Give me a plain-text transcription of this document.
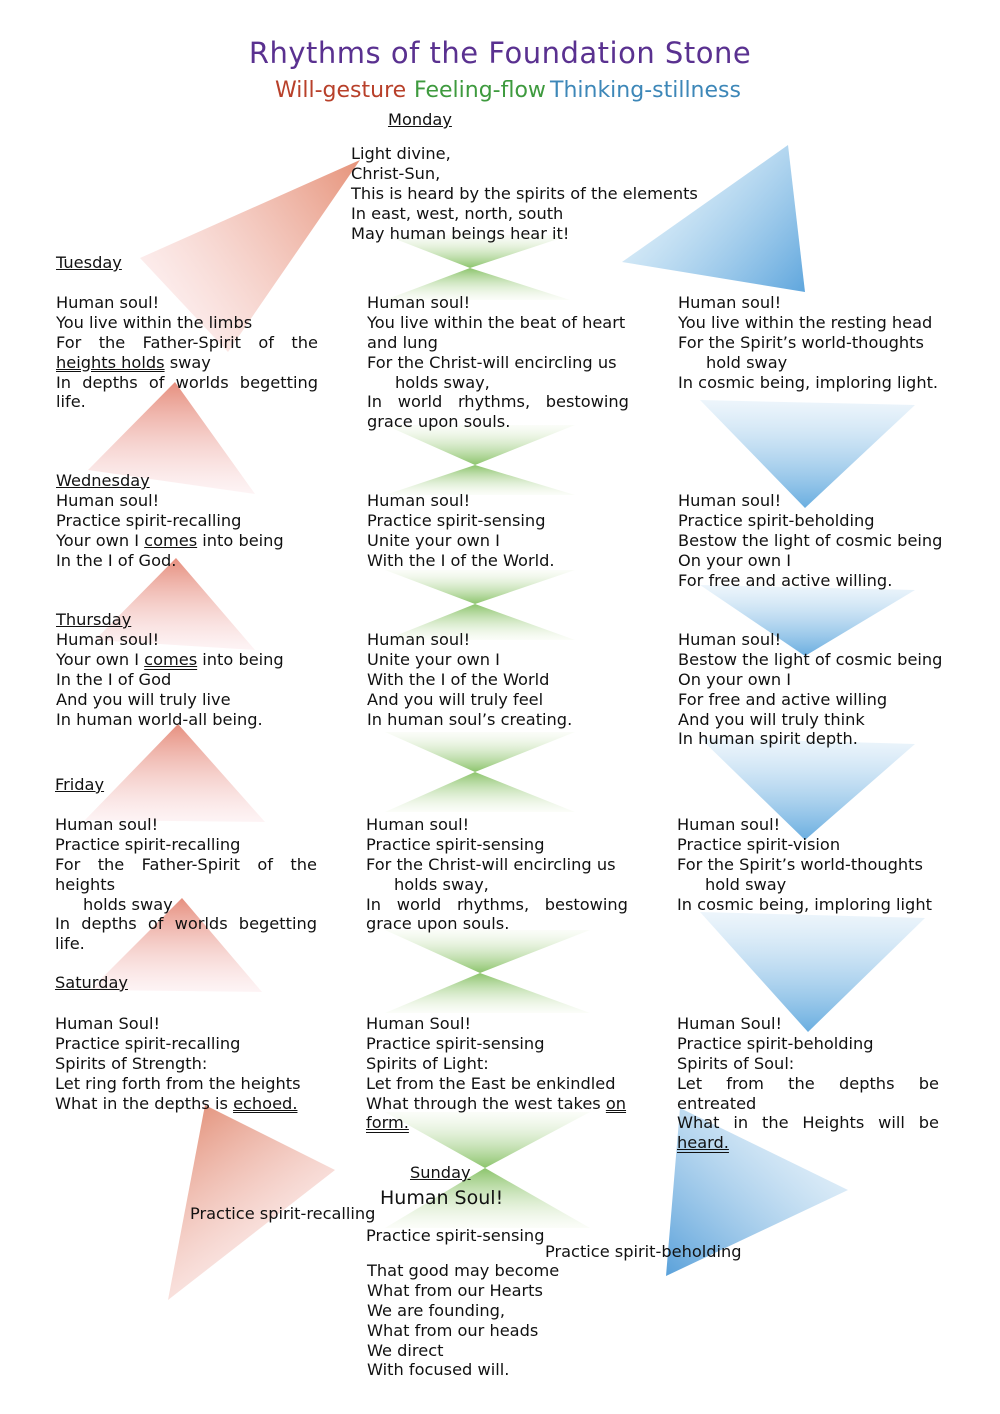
Rhythms of the Foundation Stone
Will-gesture Feeling-flow Thinking-stillness
Monday
Light divine,
Christ-Sun,
This is heard by the spirits of the elements
In east, west, north, south
May human beings hear it!
Tuesday
Human soul!
You live within the limbs
For the Father-Spirit of the
heights holds sway
In depths of worlds begetting
life.
Human soul!
You live within the beat of heart
and lung
For the Christ-will encircling us
holds sway,
In world rhythms, bestowing
grace upon souls.
Human soul!
You live within the resting head
For the Spirit’s world-thoughts
hold sway
In cosmic being, imploring light.
Wednesday
Human soul!
Practice spirit-recalling
Your own I comes into being
In the I of God.
Human soul!
Practice spirit-sensing
Unite your own I
With the I of the World.
Human soul!
Practice spirit-beholding
Bestow the light of cosmic being
On your own I
For free and active willing.
Thursday
Human soul!
Your own I comes into being
In the I of God
And you will truly live
In human world-all being.
Human soul!
Unite your own I
With the I of the World
And you will truly feel
In human soul’s creating.
Human soul!
Bestow the light of cosmic being
On your own I
For free and active willing
And you will truly think
In human spirit depth.
Friday
Human soul!
Practice spirit-recalling
For the Father-Spirit of the
heights
holds sway
In depths of worlds begetting
life.
Human soul!
Practice spirit-sensing
For the Christ-will encircling us
holds sway,
In world rhythms, bestowing
grace upon souls.
Human soul!
Practice spirit-vision
For the Spirit’s world-thoughts
hold sway
In cosmic being, imploring light
Saturday
Human Soul!
Practice spirit-recalling
Spirits of Strength:
Let ring forth from the heights
What in the depths is echoed.
Human Soul!
Practice spirit-sensing
Spirits of Light:
Let from the East be enkindled
What through the west takes on
form.
Human Soul!
Practice spirit-beholding
Spirits of Soul:
Let from the depths be
entreated
What in the Heights will be
heard.
Sunday
Human Soul!
Practice spirit-recalling
Practice spirit-sensing
Practice spirit-beholding
That good may become
What from our Hearts
We are founding,
What from our heads
We direct
With focused will.
